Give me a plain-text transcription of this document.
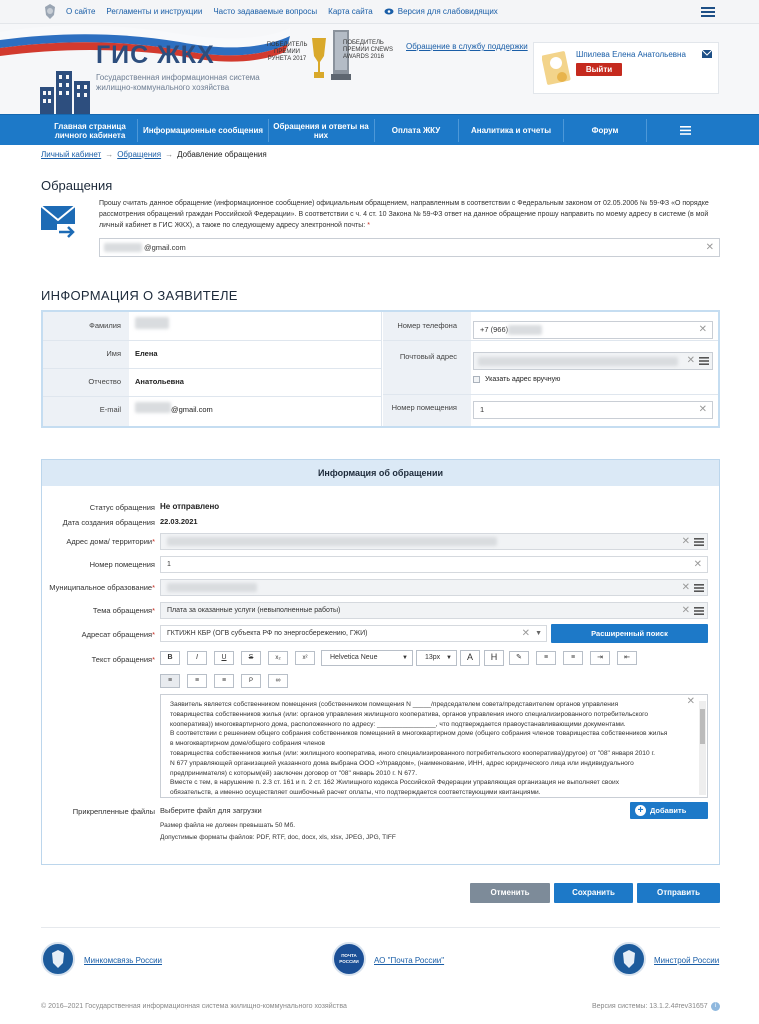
О сайте Регламенты и инструкции Часто задаваемые вопросы Карта сайта	Версия для слабовидящих
ГИС ЖКХ
Государственная информационная система жилищно-коммунального хозяйства
ПОБЕДИТЕЛЬ ПРЕМИИ РУНЕТА 2017
ПОБЕДИТЕЛЬ ПРЕМИИ CNEWS AWARDS 2016
Обращение в службу поддержки
Шпилева Елена Анатольевна
Выйти
Главная страница личного кабинета	Информационные сообщения	Обращения и ответы на них	Оплата ЖКУ	Аналитика и отчеты	Форум
Личный кабинет → Обращения → Добавление обращения
Обращения
Прошу считать данное обращение (информационное сообщение) официальным обращением, направленным в соответствии с Федеральным законом от 02.05.2006 № 59-ФЗ «О порядке рассмотрения обращений граждан Российской Федерации». В соответствии с ч. 4 ст. 10 Закона № 59-ФЗ ответ на данное обращение прошу направить по моему адресу в системе (в мой личный кабинет в ГИС ЖКХ), а также по следующему адресу электронной почты: *
@gmail.com	✕
ИНФОРМАЦИЯ О ЗАЯВИТЕЛЕ
Фамилия
Имя Елена
Отчество Анатольевна
E-mail	@gmail.com
Номер телефона	+7 (966)	✕
Почтовый адрес	✕
Указать адрес вручную
Номер помещения	1	✕
Информация об обращении
Статус обращения Не отправлено
Дата создания обращения 22.03.2021
Адрес дома/ территории*	✕
Номер помещения	1	✕
Муниципальное образование*	✕
Тема обращения*	Плата за оказанные услуги (невыполненные работы)	✕
Адресат обращения*	ГКТИЖН КБР (ОГВ субъекта РФ по энергосбережению, ГЖИ)	✕ ▼	Расширенный поиск
Текст обращения*	B	I	U	S	x₂	x²	Helvetica Neue	▼	13px ▼	A	H	✎	≡	≡	⇥	⇤
≡	≡	≡	P	∞
Заявитель является собственником помещения (собственником помещения N _____/председателем совета/представителем органов управления
товарищества собственников жилья (или: органов управления жилищного кооператива, органов управления иного специализированного потребительского
кооператива)) многоквартирного дома, расположенного по адресу: ________________, что подтверждается правоустанавливающими документами.
В соответствии с решением общего собрания собственников помещений в многоквартирном доме (общего собрания членов товарищества собственников жилья
в многоквартирном доме/общего собрания членов
товарищества собственников жилья (или: жилищного кооператива, иного специализированного потребительского кооператива)/другое) от "08" января 2010 г.
N 677 управляющей организацией указанного дома выбрана ООО «Управдом», (наименование, ИНН, адрес юридического лица или индивидуального
предпринимателя) с которым(ей) заключен договор от "08" январь 2010 г. N 677.
Вместе с тем, в нарушение п. 2.3 ст. 161 и п. 2 ст. 162 Жилищного кодекса Российской Федерации управляющая организация не выполняет своих
обязательств, а именно осуществляет ошибочный расчет оплаты, что подтверждается соответствующими квитанциями.
✕
Прикрепленные файлы Выберите файл для загрузки
Размер файла не должен превышать 50 Мб.
Допустимые форматы файлов: PDF, RTF, doc, docx, xls, xlsx, JPEG, JPG, TIFF
+ Добавить файл
Отменить	Сохранить	Отправить
Минкомсвязь России
ПОЧТА РОССИИ АО "Почта России"	Минстрой России
© 2016–2021 Государственная информационная система жилищно-коммунального хозяйства	Версия системы: 13.1.2.4#rev31657	i
